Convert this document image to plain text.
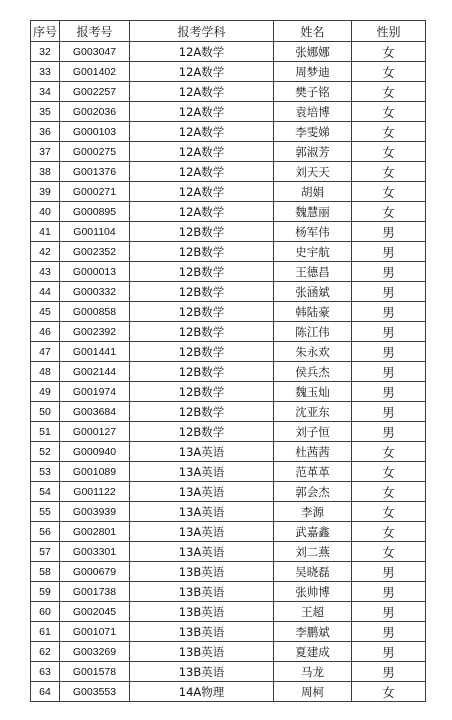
序号	报考号	报考学科	姓名	性别
32	G003047	12A数学	张娜娜	女
33	G001402	12A数学	周梦迪	女
34	G002257	12A数学	樊子铭	女
35	G002036	12A数学	袁培博	女
36	G000103	12A数学	李雯娣	女
37	G000275	12A数学	郭淑芳	女
38	G001376	12A数学	刘天天	女
39	G000271	12A数学	胡娟	女
40	G000895	12A数学	魏慧丽	女
41	G001104	12B数学	杨军伟	男
42	G002352	12B数学	史宇航	男
43	G000013	12B数学	王德昌	男
44	G000332	12B数学	张涵斌	男
45	G000858	12B数学	韩陆豪	男
46	G002392	12B数学	陈江伟	男
47	G001441	12B数学	朱永欢	男
48	G002144	12B数学	侯兵杰	男
49	G001974	12B数学	魏玉灿	男
50	G003684	12B数学	沈亚东	男
51	G000127	12B数学	刘子恒	男
52	G000940	13A英语	杜茜茜	女
53	G001089	13A英语	范革革	女
54	G001122	13A英语	郭会杰	女
55	G003939	13A英语	李源	女
56	G002801	13A英语	武嘉鑫	女
57	G003301	13A英语	刘二燕	女
58	G000679	13B英语	吴晓磊	男
59	G001738	13B英语	张帅博	男
60	G002045	13B英语	王超	男
61	G001071	13B英语	李鹏斌	男
62	G003269	13B英语	夏建成	男
63	G001578	13B英语	马龙	男
64	G003553	14A物理	周柯	女
